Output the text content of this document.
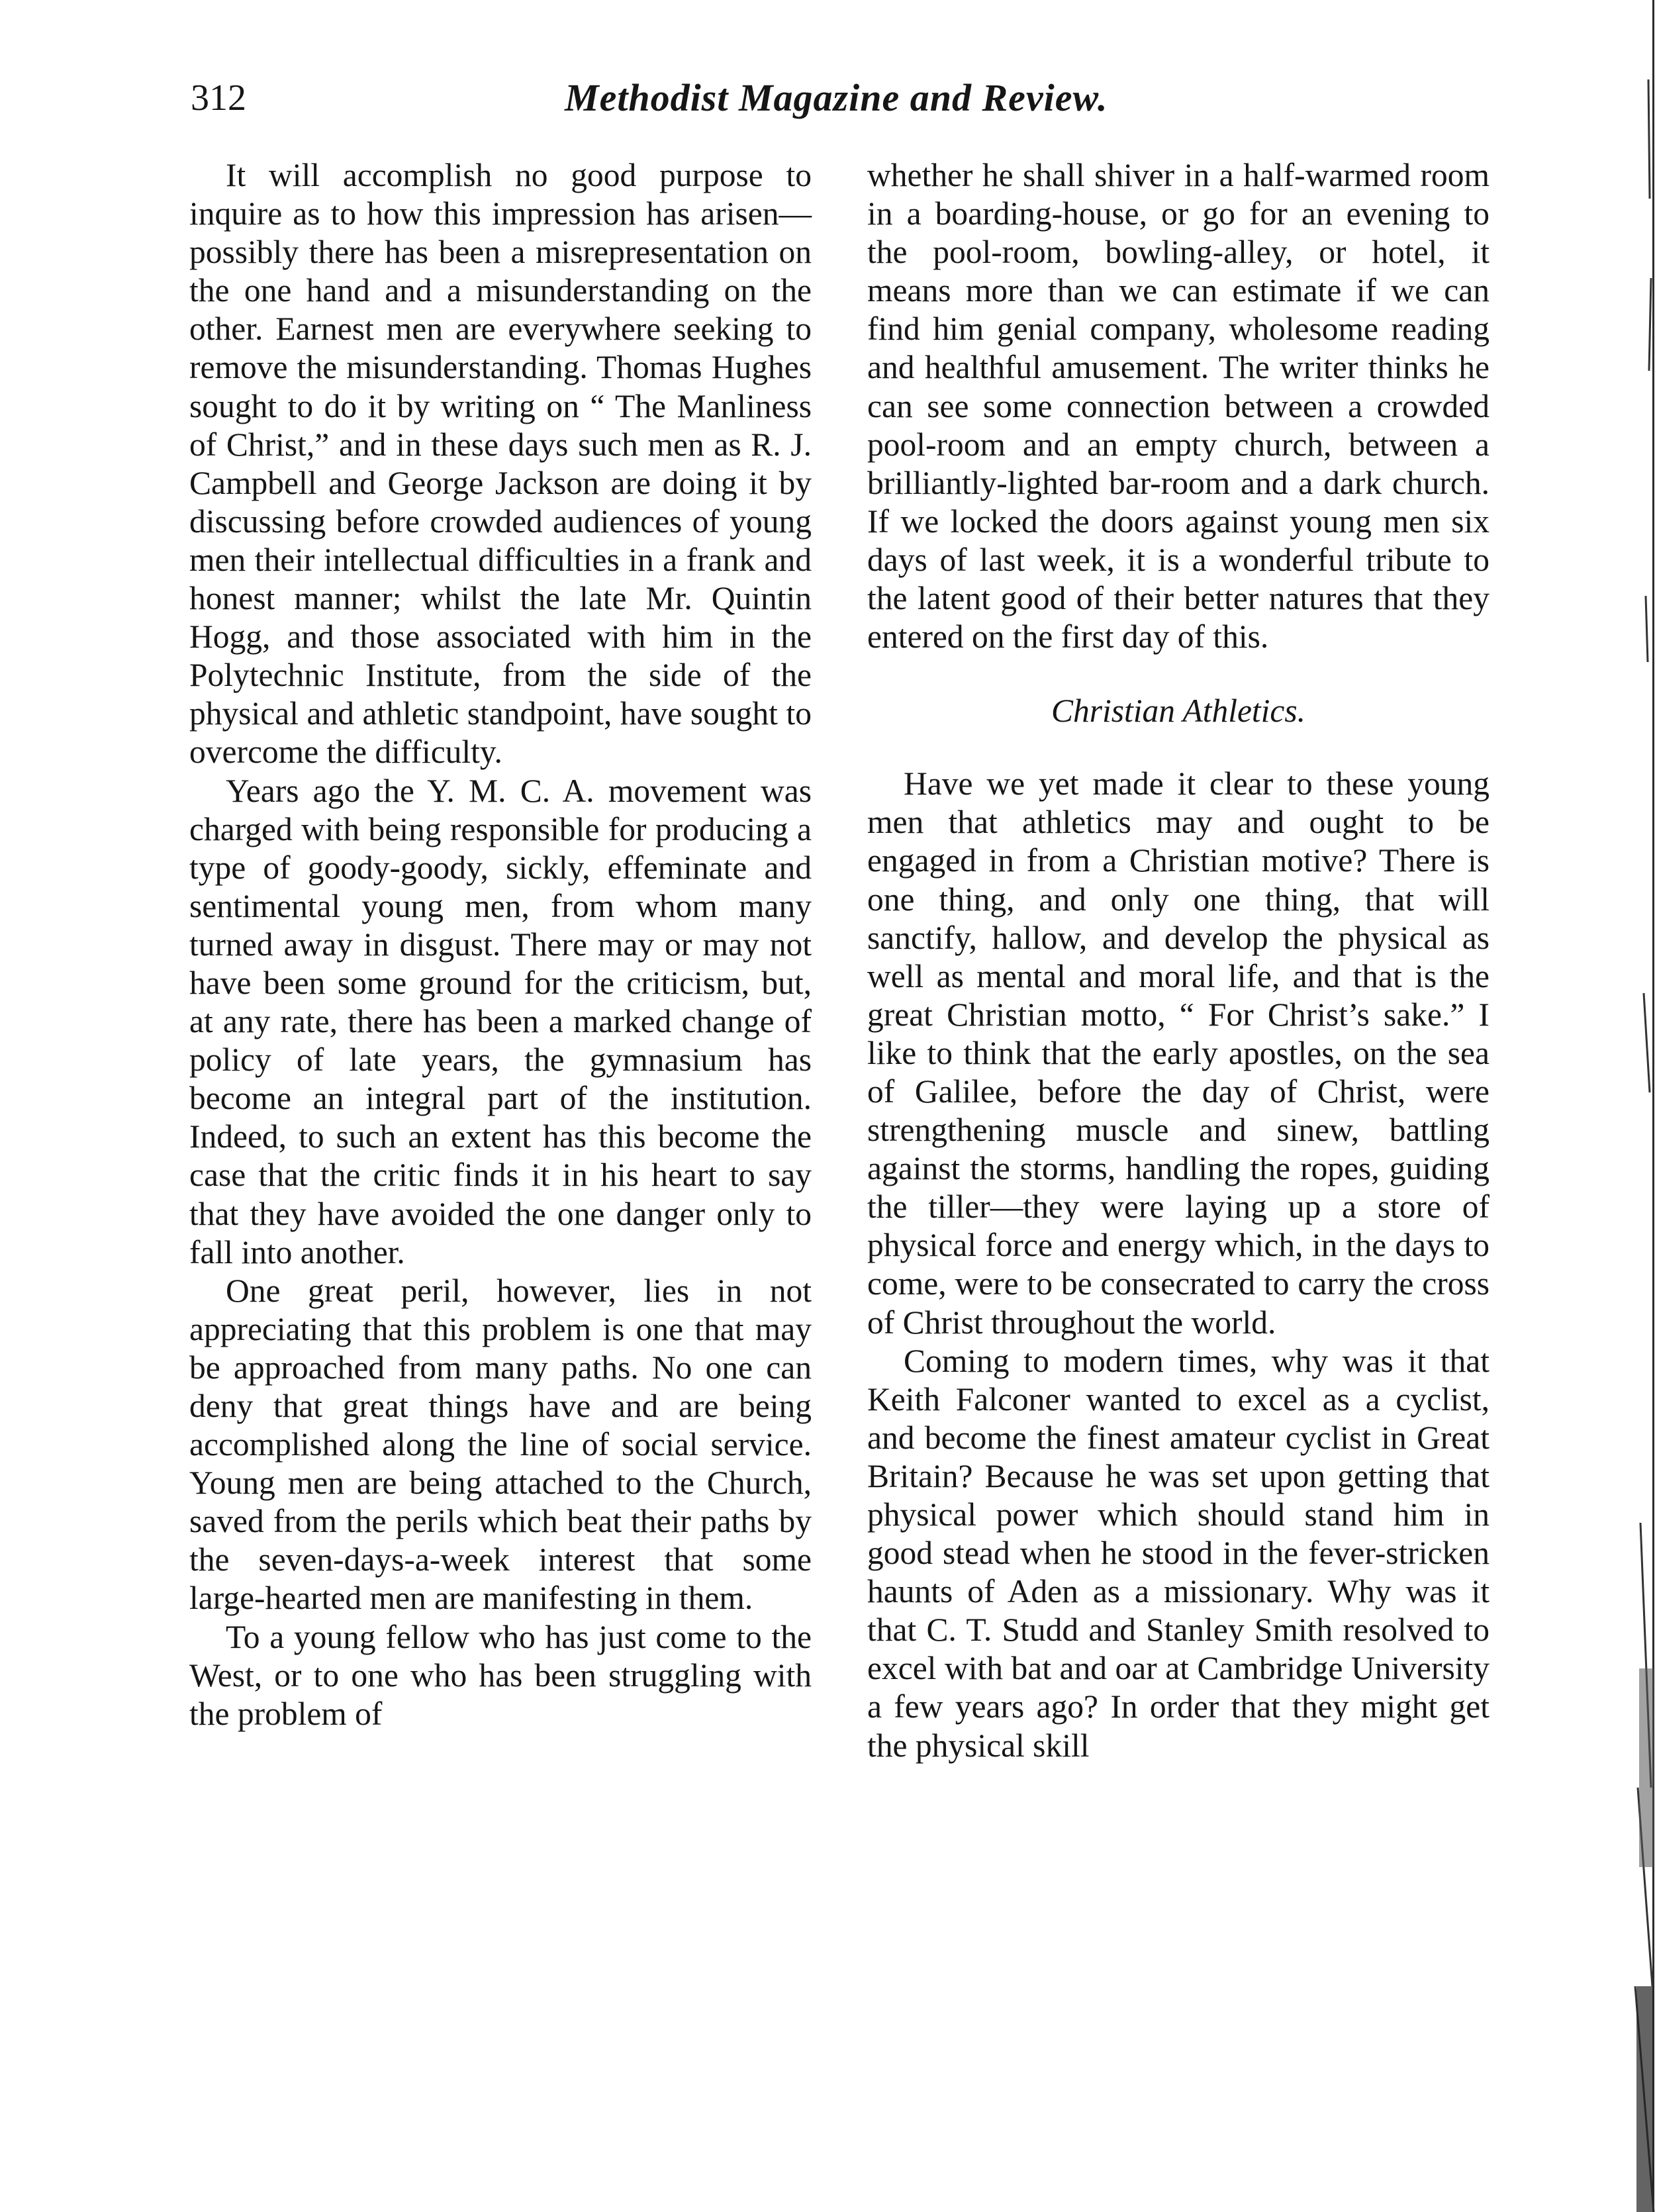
312	Methodist Magazine and Review.

It will accomplish no good purpose to inquire as to how this impression has arisen—possibly there has been a misrepresentation on the one hand and a misunderstanding on the other. Earnest men are everywhere seeking to remove the misunderstanding. Thomas Hughes sought to do it by writing on “ The Manliness of Christ,” and in these days such men as R. J. Campbell and George Jackson are doing it by discussing before crowded audiences of young men their intellectual difficulties in a frank and honest manner; whilst the late Mr. Quintin Hogg, and those associated with him in the Polytechnic Institute, from the side of the physical and athletic standpoint, have sought to overcome the difficulty.

Years ago the Y. M. C. A. movement was charged with being responsible for producing a type of goody-goody, sickly, effeminate and sentimental young men, from whom many turned away in disgust. There may or may not have been some ground for the criticism, but, at any rate, there has been a marked change of policy of late years, the gymnasium has become an integral part of the institution. Indeed, to such an extent has this become the case that the critic finds it in his heart to say that they have avoided the one danger only to fall into another.

One great peril, however, lies in not appreciating that this problem is one that may be approached from many paths. No one can deny that great things have and are being accomplished along the line of social service. Young men are being attached to the Church, saved from the perils which beat their paths by the seven-days-a-week interest that some large-hearted men are manifesting in them.

To a young fellow who has just come to the West, or to one who has been struggling with the problem of

whether he shall shiver in a half-warmed room in a boarding-house, or go for an evening to the pool-room, bowling-alley, or hotel, it means more than we can estimate if we can find him genial company, wholesome reading and healthful amusement. The writer thinks he can see some connection between a crowded pool-room and an empty church, between a brilliantly-lighted bar-room and a dark church. If we locked the doors against young men six days of last week, it is a wonderful tribute to the latent good of their better natures that they entered on the first day of this.

Christian Athletics.

Have we yet made it clear to these young men that athletics may and ought to be engaged in from a Christian motive? There is one thing, and only one thing, that will sanctify, hallow, and develop the physical as well as mental and moral life, and that is the great Christian motto, “ For Christ’s sake.” I like to think that the early apostles, on the sea of Galilee, before the day of Christ, were strengthening muscle and sinew, battling against the storms, handling the ropes, guiding the tiller—they were laying up a store of physical force and energy which, in the days to come, were to be consecrated to carry the cross of Christ throughout the world.

Coming to modern times, why was it that Keith Falconer wanted to excel as a cyclist, and become the finest amateur cyclist in Great Britain? Because he was set upon getting that physical power which should stand him in good stead when he stood in the fever-stricken haunts of Aden as a missionary. Why was it that C. T. Studd and Stanley Smith resolved to excel with bat and oar at Cambridge University a few years ago? In order that they might get the physical skill
